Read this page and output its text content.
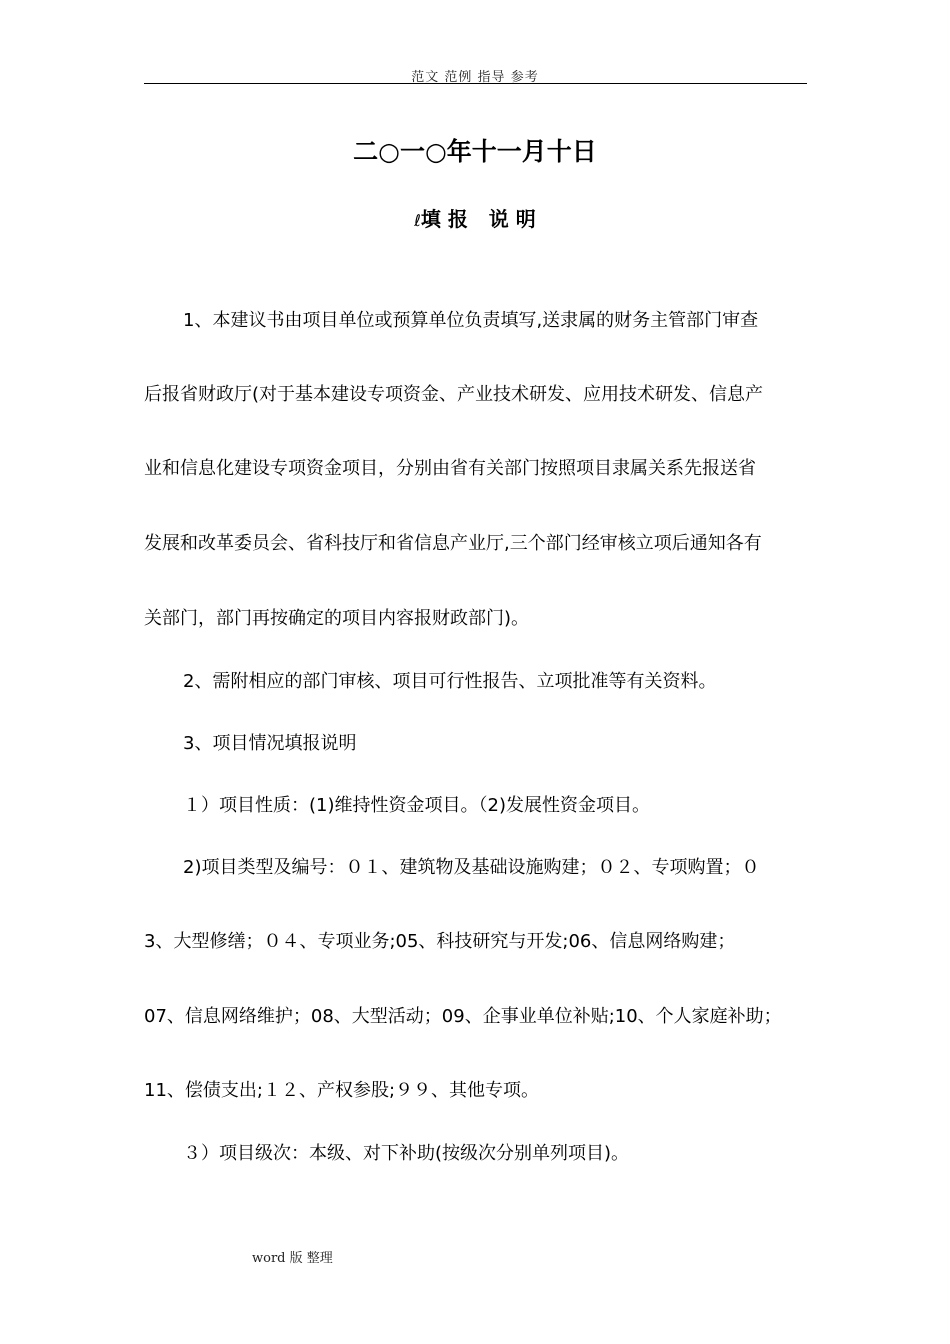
范文 范例 指导 参考
二○一○年十一月十日
ℓ填 报   说 明
1、本建议书由项目单位或预算单位负责填写,送隶属的财务主管部门审查
后报省财政厅(对于基本建设专项资金、产业技术研发、应用技术研发、信息产
业和信息化建设专项资金项目，分别由省有关部门按照项目隶属关系先报送省
发展和改革委员会、省科技厅和省信息产业厅,三个部门经审核立项后通知各有
关部门，部门再按确定的项目内容报财政部门)。
2、需附相应的部门审核、项目可行性报告、立项批准等有关资料。
3、项目情况填报说明
１）项目性质：(1)维持性资金项目。（2)发展性资金项目。
2)项目类型及编号：０１、建筑物及基础设施购建；０２、专项购置；０
3、大型修缮；０４、专项业务;05、科技研究与开发;06、信息网络购建；
07、信息网络维护；08、大型活动；09、企事业单位补贴;10、个人家庭补助；
11、偿债支出;１２、产权参股;９９、其他专项。
３）项目级次：本级、对下补助(按级次分别单列项目)。
word 版 整理
